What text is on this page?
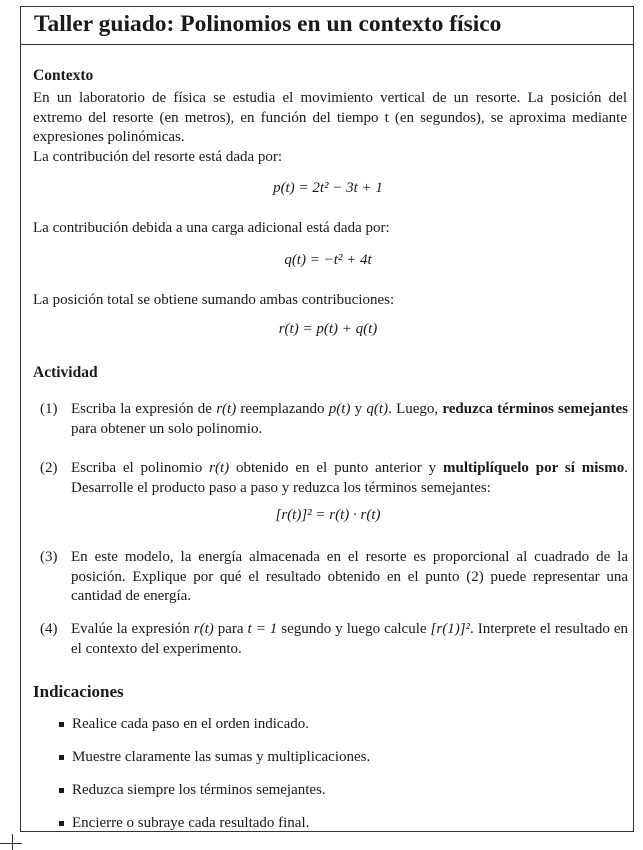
Taller guiado: Polinomios en un contexto físico
Contexto
En un laboratorio de física se estudia el movimiento vertical de un resorte. La posición del extremo del resorte (en metros), en función del tiempo t (en segundos), se aproxima mediante expresiones polinómicas.
La contribución del resorte está dada por:
p(t) = 2t² − 3t + 1
La contribución debida a una carga adicional está dada por:
q(t) = −t² + 4t
La posición total se obtiene sumando ambas contribuciones:
r(t) = p(t) + q(t)
Actividad
(1) Escriba la expresión de r(t) reemplazando p(t) y q(t). Luego, reduzca términos semejantes para obtener un solo polinomio.
(2) Escriba el polinomio r(t) obtenido en el punto anterior y multiplíquelo por sí mismo. Desarrolle el producto paso a paso y reduzca los términos semejantes:
[r(t)]² = r(t) · r(t)
(3) En este modelo, la energía almacenada en el resorte es proporcional al cuadrado de la posición. Explique por qué el resultado obtenido en el punto (2) puede representar una cantidad de energía.
(4) Evalúe la expresión r(t) para t = 1 segundo y luego calcule [r(1)]². Interprete el resultado en el contexto del experimento.
Indicaciones
Realice cada paso en el orden indicado.
Muestre claramente las sumas y multiplicaciones.
Reduzca siempre los términos semejantes.
Encierre o subraye cada resultado final.
